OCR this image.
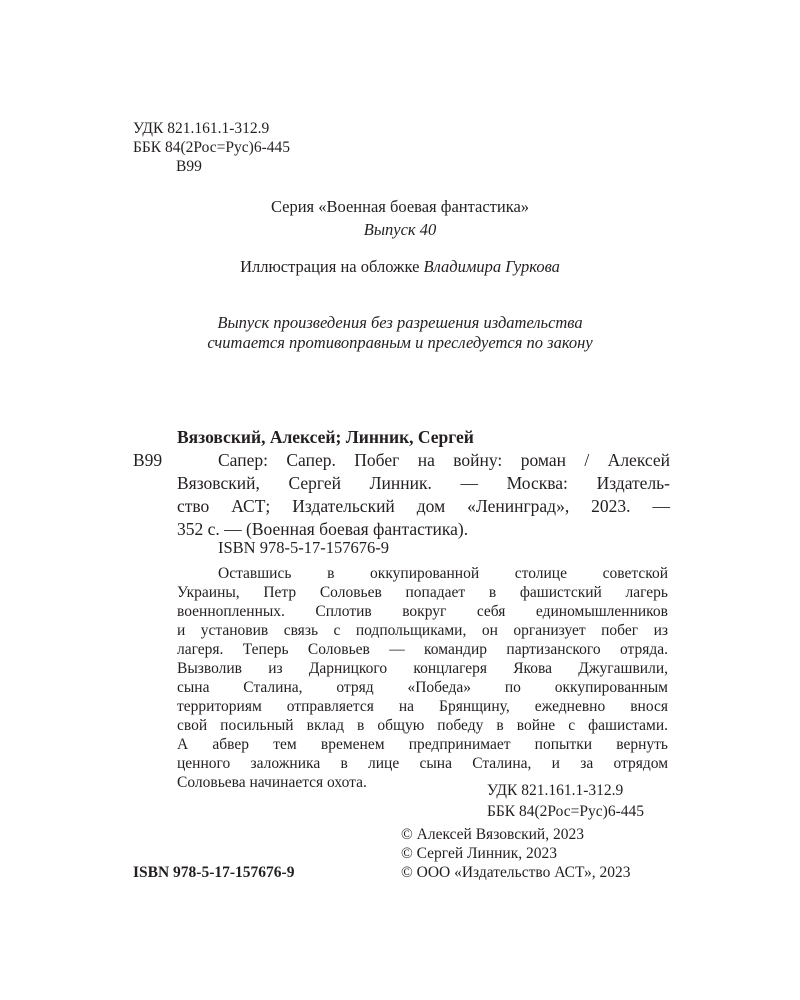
УДК 821.161.1-312.9
ББК 84(2Рос=Рус)6-445
В99
Серия «Военная боевая фантастика»
Выпуск 40
Иллюстрация на обложке Владимира Гуркова
Выпуск произведения без разрешения издательства
считается противоправным и преследуется по закону
Вязовский, Алексей; Линник, Сергей
В99	Сапер: Сапер. Побег на войну: роман / Алексей
Вязовский, Сергей Линник. — Москва: Издатель-
ство АСТ; Издательский дом «Ленинград», 2023. —
352 с. — (Военная боевая фантастика).
ISBN 978-5-17-157676-9
Оставшись в оккупированной столице советской
Украины, Петр Соловьев попадает в фашистский лагерь
военнопленных. Сплотив вокруг себя единомышленников
и установив связь с подпольщиками, он организует побег из
лагеря. Теперь Соловьев — командир партизанского отряда.
Вызволив из Дарницкого концлагеря Якова Джугашвили,
сына Сталина, отряд «Победа» по оккупированным
территориям отправляется на Брянщину, ежедневно внося
свой посильный вклад в общую победу в войне с фашистами.
А абвер тем временем предпринимает попытки вернуть
ценного заложника в лице сына Сталина, и за отрядом
Соловьева начинается охота.	УДК 821.161.1-312.9
ББК 84(2Рос=Рус)6-445
© Алексей Вязовский, 2023
© Сергей Линник, 2023
© ООО «Издательство АСТ», 2023
ISBN 978-5-17-157676-9
